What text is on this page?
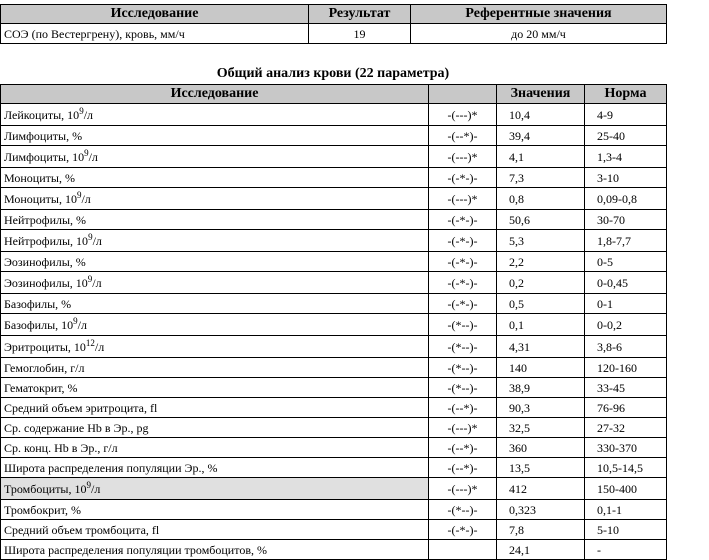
Исследование	Результат	Референтные значения
СОЭ (по Вестергрену), кровь, мм/ч	19	до 20 мм/ч
Общий анализ крови (22 параметра)
Исследование		Значения	Норма
Лейкоциты, $10^9/л$	-(---)*	10,4	4-9
Лимфоциты, %	-(--*)-	39,4	25-40
Лимфоциты, $10^9/л$	-(---)*	4,1	1,3-4
Моноциты, %	-(-*-)-	7,3	3-10
Моноциты, $10^9/л$	-(---)*	0,8	0,09-0,8
Нейтрофилы, %	-(-*-)-	50,6	30-70
Нейтрофилы, $10^9/л$	-(-*-)-	5,3	1,8-7,7
Эозинофилы, %	-(-*-)-	2,2	0-5
Эозинофилы, $10^9/л$	-(-*-)-	0,2	0-0,45
Базофилы, %	-(-*-)-	0,5	0-1
Базофилы, $10^9/л$	-(*--)-	0,1	0-0,2
Эритроциты, $10^{12}/л$	-(*--)-	4,31	3,8-6
Гемоглобин, г/л	-(*--)-	140	120-160
Гематокрит, %	-(*--)-	38,9	33-45
Средний объем эритроцита, fl	-(--*)-	90,3	76-96
Ср. содержание Hb в Эр., pg	-(---)*	32,5	27-32
Ср. конц. Hb в Эр., г/л	-(--*)-	360	330-370
Широта распределения популяции Эр., %	-(--*)-	13,5	10,5-14,5
Тромбоциты, $10^9/л$	-(---)*	412	150-400
Тромбокрит, %	-(*--)-	0,323	0,1-1
Средний объем тромбоцита, fl	-(-*-)-	7,8	5-10
Широта распределения популяции тромбоцитов, %		24,1	-
